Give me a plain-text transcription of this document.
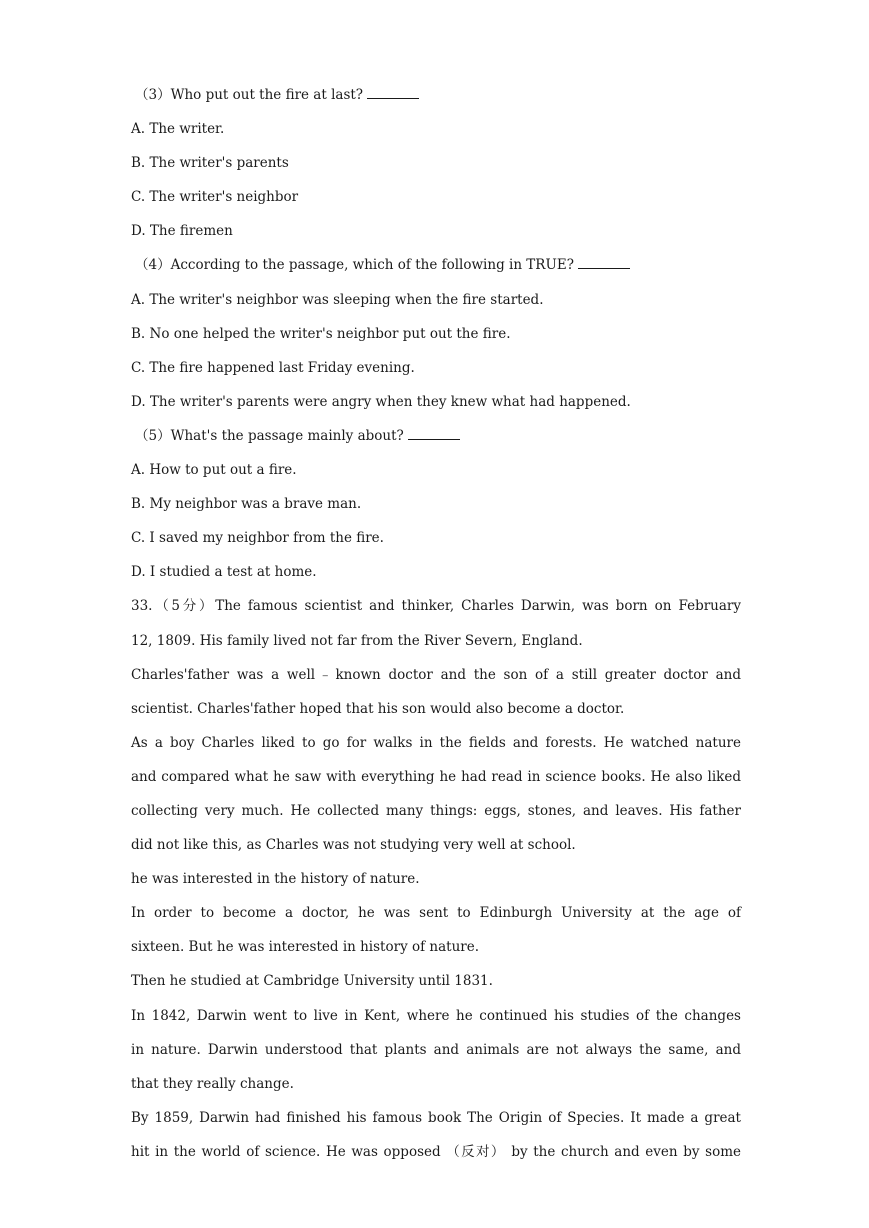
（3）Who put out the fire at last?
A. The writer.
B. The writer's parents
C. The writer's neighbor
D. The firemen
（4）According to the passage, which of the following in TRUE?
A. The writer's neighbor was sleeping when the fire started.
B. No one helped the writer's neighbor put out the fire.
C. The fire happened last Friday evening.
D. The writer's parents were angry when they knew what had happened.
（5）What's the passage mainly about?
A. How to put out a fire.
B. My neighbor was a brave man.
C. I saved my neighbor from the fire.
D. I studied a test at home.
33.（5分）The famous scientist and thinker, Charles Darwin, was born on February
12, 1809. His family lived not far from the River Severn, England.
Charles'father was a well﹣known doctor and the son of a still greater doctor and
scientist. Charles'father hoped that his son would also become a doctor.
As a boy Charles liked to go for walks in the fields and forests. He watched nature
and compared what he saw with everything he had read in science books. He also liked
collecting very much. He collected many things: eggs, stones, and leaves. His father
did not like this, as Charles was not studying very well at school.
he was interested in the history of nature.
In order to become a doctor, he was sent to Edinburgh University at the age of
sixteen. But he was interested in history of nature.
Then he studied at Cambridge University until 1831.
In 1842, Darwin went to live in Kent, where he continued his studies of the changes
in nature. Darwin understood that plants and animals are not always the same, and
that they really change.
By 1859, Darwin had finished his famous book The Origin of Species. It made a great
hit in the world of science. He was opposed （反对） by the church and even by some
